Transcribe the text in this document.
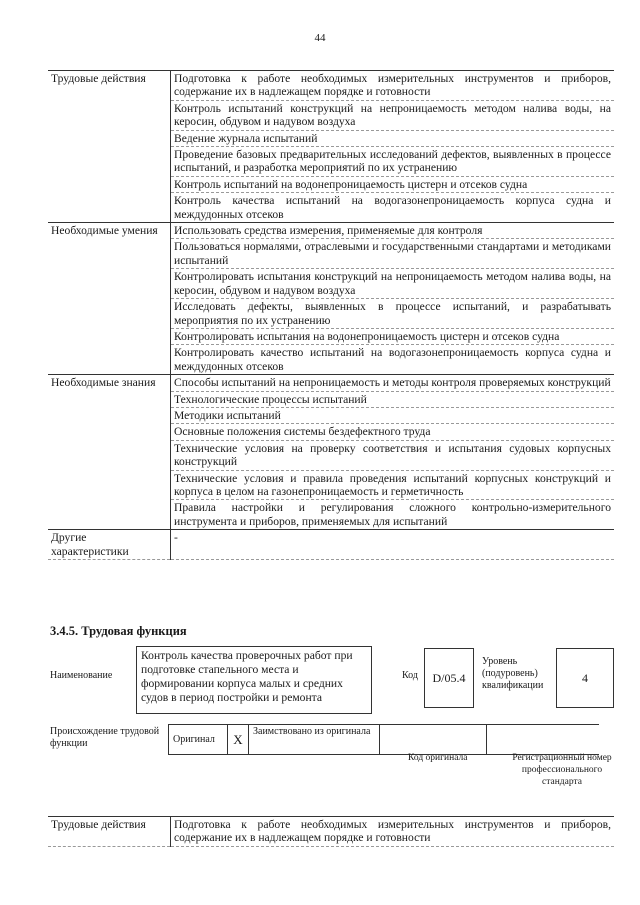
44
Трудовые действия	Подготовка к работе необходимых измерительных инструментов и приборов, содержание их в надлежащем порядке и готовности
	Контроль испытаний конструкций на непроницаемость методом налива воды, на керосин, обдувом и надувом воздуха
	Ведение журнала испытаний
	Проведение базовых предварительных исследований дефектов, выявленных в процессе испытаний, и разработка мероприятий по их устранению
	Контроль испытаний на водонепроницаемость цистерн и отсеков судна
	Контроль качества испытаний на водогазонепроницаемость корпуса судна и междудонных отсеков
Необходимые умения	Использовать средства измерения, применяемые для контроля
	Пользоваться нормалями, отраслевыми и государственными стандартами и методиками испытаний
	Контролировать испытания конструкций на непроницаемость методом налива воды, на керосин, обдувом и надувом воздуха
	Исследовать дефекты, выявленных в процессе испытаний, и разрабатывать мероприятия по их устранению
	Контролировать испытания на водонепроницаемость цистерн и отсеков судна
	Контролировать качество испытаний на водогазонепроницаемость корпуса судна и междудонных отсеков
Необходимые знания	Способы испытаний на непроницаемость и методы контроля проверяемых конструкций
	Технологические процессы испытаний
	Методики испытаний
	Основные положения системы бездефектного труда
	Технические условия на проверку соответствия и испытания судовых корпусных конструкций
	Технические условия и правила проведения испытаний корпусных конструкций и корпуса в целом на газонепроницаемость и герметичность
	Правила настройки и регулирования сложного контрольно-измерительного инструмента и приборов, применяемых для испытаний
Другие характеристики	-
3.4.5. Трудовая функция
Наименование
Контроль качества проверочных работ при подготовке стапельного места и формировании корпуса малых и средних судов в период постройки и ремонта
Код	D/05.4
Уровень (подуровень) квалификации
4
Происхождение трудовой функции	Оригинал	X	Заимствовано из оригинала		
Код оригинала	Регистрационный номер профессионального стандарта
Трудовые действия	Подготовка к работе необходимых измерительных инструментов и приборов, содержание их в надлежащем порядке и готовности
